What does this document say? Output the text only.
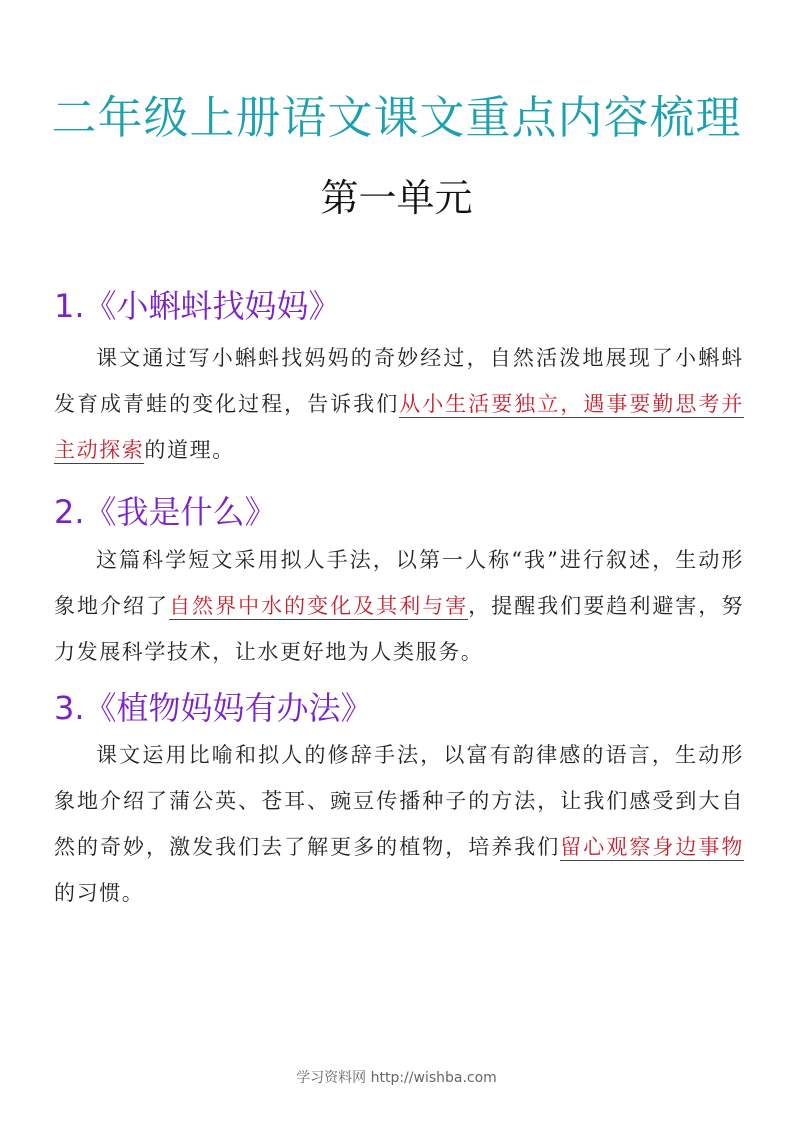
二年级上册语文课文重点内容梳理
第一单元
1.《小蝌蚪找妈妈》
课文通过写小蝌蚪找妈妈的奇妙经过，自然活泼地展现了小蝌蚪发育成青蛙的变化过程，告诉我们从小生活要独立，遇事要勤思考并主动探索的道理。
2.《我是什么》
这篇科学短文采用拟人手法，以第一人称“我”进行叙述，生动形象地介绍了自然界中水的变化及其利与害，提醒我们要趋利避害，努力发展科学技术，让水更好地为人类服务。
3.《植物妈妈有办法》
课文运用比喻和拟人的修辞手法，以富有韵律感的语言，生动形象地介绍了蒲公英、苍耳、豌豆传播种子的方法，让我们感受到大自然的奇妙，激发我们去了解更多的植物，培养我们留心观察身边事物的习惯。
学习资料网 http://wishba.com
